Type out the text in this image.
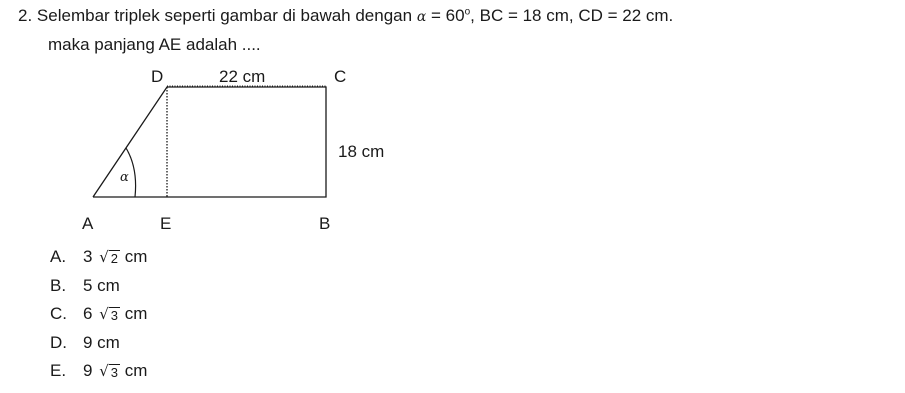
2. Selembar triplek seperti gambar di bawah dengan $\alpha = 60^o$, BC = 18 cm, CD = 22 cm.
maka panjang AE adalah ....
D	22 cm	C
18 cm
α
A	E	B
A. 3 √ 2 cm
B. 5 cm
C. 6 √ 3 cm
D. 9 cm
E. 9 √ 3 cm
